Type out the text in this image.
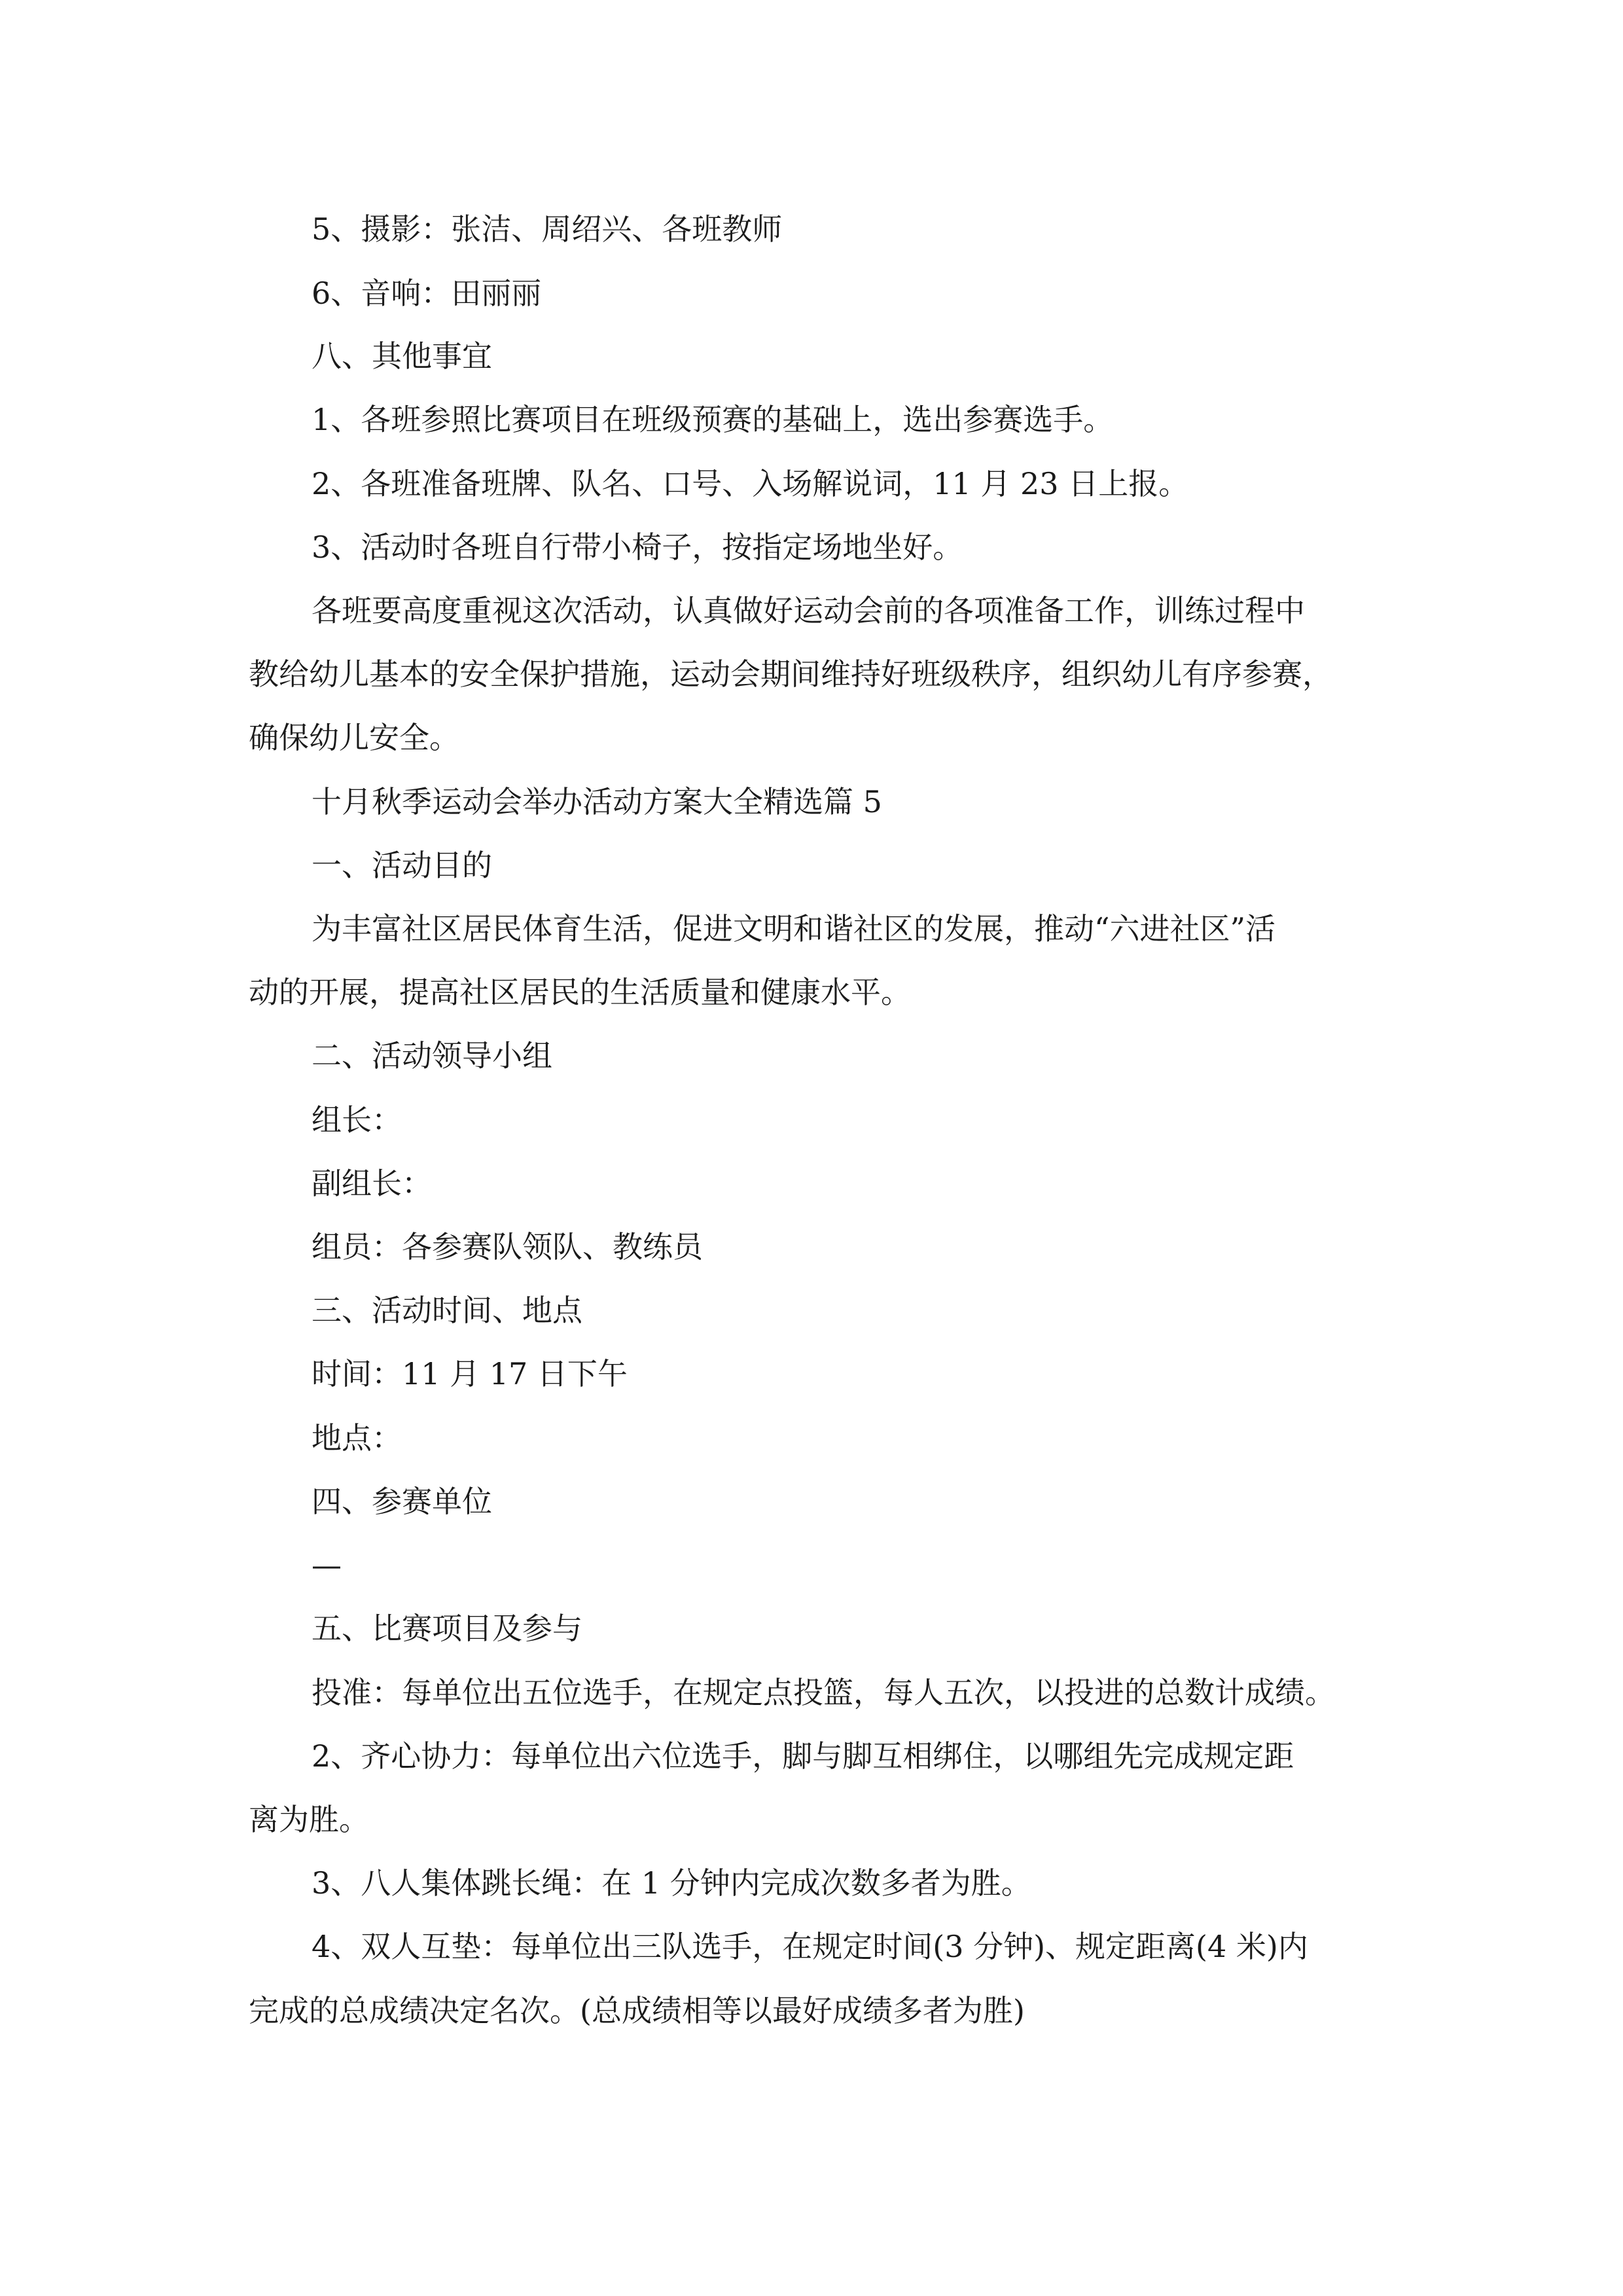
5、摄影：张洁、周绍兴、各班教师
6、音响：田丽丽
八、其他事宜
1、各班参照比赛项目在班级预赛的基础上，选出参赛选手。
2、各班准备班牌、队名、口号、入场解说词，11 月 23 日上报。
3、活动时各班自行带小椅子，按指定场地坐好。
各班要高度重视这次活动，认真做好运动会前的各项准备工作，训练过程中
教给幼儿基本的安全保护措施，运动会期间维持好班级秩序，组织幼儿有序参赛，
确保幼儿安全。
十月秋季运动会举办活动方案大全精选篇 5
一、活动目的
为丰富社区居民体育生活，促进文明和谐社区的发展，推动“六进社区”活
动的开展，提高社区居民的生活质量和健康水平。
二、活动领导小组
组长：
副组长：
组员：各参赛队领队、教练员
三、活动时间、地点
时间：11 月 17 日下午
地点：
四、参赛单位
—
五、比赛项目及参与
投准：每单位出五位选手，在规定点投篮，每人五次，以投进的总数计成绩。
2、齐心协力：每单位出六位选手，脚与脚互相绑住，以哪组先完成规定距
离为胜。
3、八人集体跳长绳：在 1 分钟内完成次数多者为胜。
4、双人互垫：每单位出三队选手，在规定时间(3 分钟)、规定距离(4 米)内
完成的总成绩决定名次。(总成绩相等以最好成绩多者为胜)
